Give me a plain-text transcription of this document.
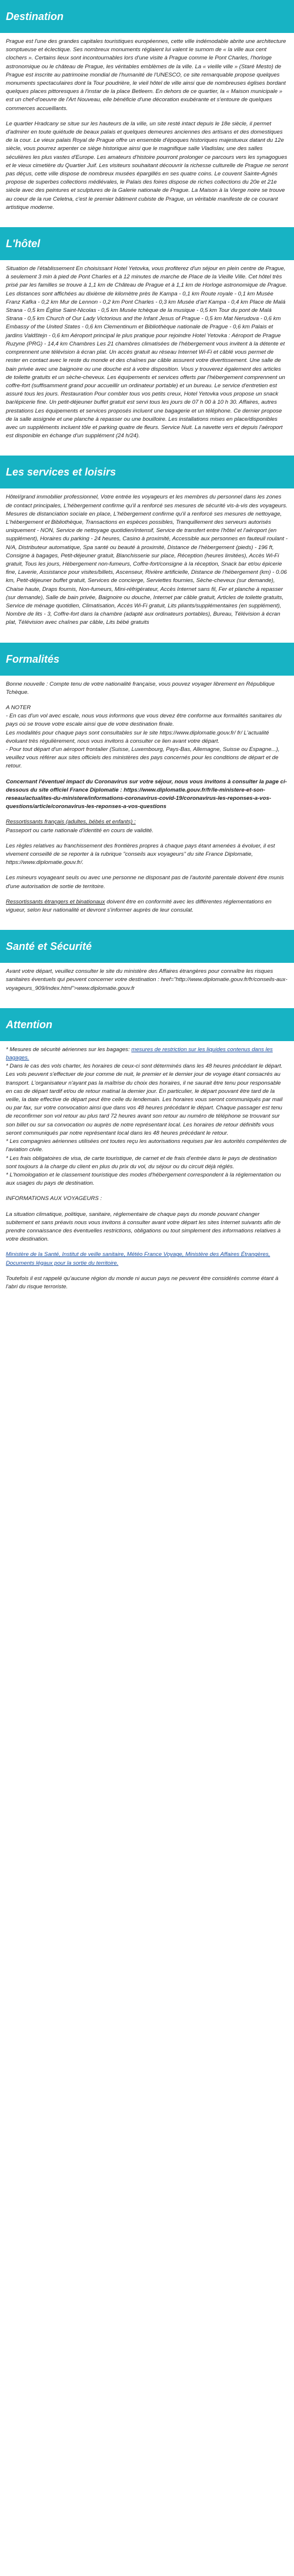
Destination

Prague est l'une des grandes capitales touristiques européennes, cette ville indémodable abrite une architecture somptueuse et éclectique. Ses nombreux monuments réglaient lui valent le surnom de « la ville aux cent clochers ». Certains lieux sont incontournables lors d'une visite à Prague comme le Pont Charles, l'horloge astronomique ou le château de Prague, les véritables emblèmes de la ville. La « vieille ville » (Staré Mesto) de Prague est inscrite au patrimoine mondial de l'humanité de l'UNESCO, ce site remarquable propose quelques monuments spectaculaires dont la Tour poudrière, le vieil hôtel de ville ainsi que de nombreuses églises bordant quelques places pittoresques à l'instar de la place Betleem. En dehors de ce quartier, la « Maison municipale » est un chef-d'oeuvre de l'Art Nouveau, elle bénéficie d'une décoration exubérante et s'entoure de quelques commerces accueillants.

Le quartier Hradcany se situe sur les hauteurs de la ville, un site resté intact depuis le 18e siècle, il permet d'admirer en toute quiétude de beaux palais et quelques demeures anciennes des artisans et des domestiques de la cour. Le vieux palais Royal de Prague offre un ensemble d'époques historiques majestueux datant du 12e siècle, vous pourrez arpenter ce siège historique ainsi que le magnifique salle Vladislav, une des salles séculières les plus vastes d'Europe. Les amateurs d'histoire pourront prolonger ce parcours vers les synagogues et le vieux cimetière du Quartier Juif. Les visiteurs souhaitant découvrir la richesse culturelle de Prague ne seront pas déçus, cette ville dispose de nombreux musées épargillés en ses quatre coins. Le couvent Sainte-Agnès propose de superbes collections médiévales, le Palais des foires dispose de riches collections du 20e et 21e siècle avec des peintures et sculptures de la Galerie nationale de Prague. La Maison à la Vierge noire se trouve au coeur de la rue Celetna, c'est le premier bâtiment cubiste de Prague, un véritable manifeste de ce courant artistique moderne.

L'hôtel

Situation de l'établissement En choisissant Hotel Yetovka, vous profiterez d'un séjour en plein centre de Prague, à seulement 3 min à pied de Pont Charles et à 12 minutes de marche de Place de la Vieille Ville. Cet hôtel très prisé par les familles se trouve à 1,1 km de Château de Prague et à 1,1 km de Horloge astronomique de Prague. Les distances sont affichées au dixième de kilomètre près Ile Kampa - 0,1 km Route royale - 0,1 km Musée Franz Kafka - 0,2 km Mur de Lennon - 0,2 km Pont Charles - 0,3 km Musée d'art Kampa - 0,4 km Place de Malá Strana - 0,5 km Église Saint-Nicolas - 0,5 km Musée tchèque de la musique - 0,5 km Tour du pont de Malá Strana - 0,5 km Church of Our Lady Victorious and the Infant Jesus of Prague - 0,5 km Mat Nerudova - 0,6 km Embassy of the United States - 0,6 km Clementinum et Bibliothèque nationale de Prague - 0,6 km Palais et jardins Valdštejn - 0,6 km Aéroport principal le plus pratique pour rejoindre Hotel Yetovka : Aéroport de Prague Ruzyne (PRG) - 14,4 km Chambres Les 21 chambres climatisées de l'hébergement vous invitent à la détente et comprennent une télévision à écran plat. Un accès gratuit au réseau Internet Wi-Fi et câblé vous permet de rester en contact avec le reste du monde et des chaînes par câble assurent votre divertissement. Une salle de bain privée avec une baignoire ou une douche est à votre disposition. Vous y trouverez également des articles de toilette gratuits et un sèche-cheveux. Les équipements et services offerts par l'hébergement comprennent un coffre-fort (suffisamment grand pour accueillir un ordinateur portable) et un bureau. Le service d'entretien est assuré tous les jours. Restauration Pour combler tous vos petits creux, Hotel Yetovka vous propose un snack bar/épicerie fine. Un petit-déjeuner buffet gratuit est servi tous les jours de 07 h 00 à 10 h 30. Affaires, autres prestations Les équipements et services proposés incluent une bagagerie et un téléphone. Ce dernier propose de la salle assignée et une planche à repasser ou une bouilloire. Les installations mises en place/disponibles avec un suppléments incluent tôle et parking quatre de fleurs. Service Nuit. La navette vers et depuis l'aéroport est disponible en échange d'un supplément (24 h/24).

Les services et loisirs

Hôtel/grand immobilier professionnel, Votre entrée les voyageurs et les membres du personnel dans les zones de contact principales, L'hébergement confirme qu'il a renforcé ses mesures de sécurité vis-à-vis des voyageurs. Mesures de distanciation sociale en place, L'hébergement confirme qu'il a renforcé ses mesures de nettoyage, L'hébergement et Bibliothèque, Transactions en espèces possibles, Tranquillement des serveurs autorisés uniquement - NON, Service de nettoyage quotidien/intensif, Service de transfert entre l'hôtel et l'aéroport (en supplément), Horaires du parking - 24 heures, Casino à proximité, Accessible aux personnes en fauteuil roulant - N/A, Distributeur automatique, Spa santé ou beauté à proximité, Distance de l'hébergement (pieds) - 196 ft, Consigne à bagages, Petit-déjeuner gratuit, Blanchisserie sur place, Réception (heures limitées), Accès Wi-Fi gratuit, Tous les jours, Hébergement non-fumeurs, Coffre-fort/consigne à la réception, Snack bar et/ou épicerie fine, Laverie, Assistance pour visites/billets, Ascenseur, Rivière artificielle, Distance de l'hébergement (km) - 0.06 km, Petit-déjeuner buffet gratuit, Services de concierge, Serviettes fournies, Sèche-cheveux (sur demande), Chaise haute, Draps fournis, Non-fumeurs, Mini-réfrigérateur, Accès Internet sans fil, Fer et planche à repasser (sur demande), Salle de bain privée, Baignoire ou douche, Internet par câble gratuit, Articles de toilette gratuits, Service de ménage quotidien, Climatisation, Accès Wi-Fi gratuit, Lits pliants/supplémentaires (en supplément), Nombre de lits - 3, Coffre-fort dans la chambre (adapté aux ordinateurs portables), Bureau, Télévision à écran plat, Télévision avec chaînes par câble, Lits bébé gratuits

Formalités

Bonne nouvelle : Compte tenu de votre nationalité française, vous pouvez voyager librement en République Tchèque.

A NOTER

- En cas d'un vol avec escale, nous vous informons que vous devez être conforme aux formalités sanitaires du pays où se trouve votre escale ainsi que de votre destination finale.
Les modalités pour chaque pays sont consultables sur le site https://www.diplomatie.gouv.fr/ fr/ L'actualité évoluant très régulièrement, nous vous invitons à consulter ce lien avant votre départ.
- Pour tout départ d'un aéroport frontalier (Suisse, Luxembourg, Pays-Bas, Allemagne, Suisse ou Espagne...), veuillez vous référer aux sites officiels des ministères des pays concernés pour les conditions de départ et de retour.

Concernant l'éventuel impact du Coronavirus sur votre séjour, nous vous invitons à consulter la page ci-dessous du site officiel France Diplomatie : https://www.diplomatie.gouv.fr/fr/le-ministere-et-son-reseau/actualites-du-ministere/informations-coronavirus-covid-19/coronavirus-les-reponses-a-vos-questions/article/coronavirus-les-reponses-a-vos-questions

Ressortissants français (adultes, bébés et enfants) :

Passeport ou carte nationale d'identité en cours de validité.

Les règles relatives au franchissement des frontières propres à chaque pays étant amenées à évoluer, il est vivement conseillé de se reporter à la rubrique "conseils aux voyageurs" du site France Diplomatie, https://www.diplomatie.gouv.fr/.

Les mineurs voyageant seuls ou avec une personne ne disposant pas de l'autorité parentale doivent être munis d'une autorisation de sortie de territoire.

Ressortissants étrangers et binationaux doivent être en conformité avec les différentes réglementations en vigueur, selon leur nationalité et devront s'informer auprès de leur consulat.

Santé et Sécurité

Avant votre départ, veuillez consulter le site du ministère des Affaires étrangères pour connaître les risques sanitaires éventuels qui peuvent concerner votre destination : href="http://www.diplomatie.gouv.fr/fr/conseils-aux-voyageurs_909/index.html">www.diplomatie.gouv.fr

Attention

* Mesures de sécurité aériennes sur les bagages: mesures de restriction sur les liquides contenus dans les bagages.

* Dans le cas des vols charter, les horaires de ceux-ci sont déterminés dans les 48 heures précédant le départ. Les vols peuvent s'effectuer de jour comme de nuit, le premier et le dernier jour de voyage étant consacrés au transport. L'organisateur n'ayant pas la maîtrise du choix des horaires, il ne saurait être tenu pour responsable en cas de départ tardif et/ou de retour matinal la dernier jour. En particulier, le départ pouvant être tard de la veille, la date effective de départ peut être celle du lendemain. Les horaires vous seront communiqués par mail ou par fax, sur votre convocation ainsi que dans vos 48 heures précédant le départ. Chaque passager est tenu de reconfirmer son vol retour au plus tard 72 heures avant son retour au numéro de téléphone se trouvant sur son billet ou sur sa convocation ou auprès de notre représentant local. Les horaires de retour définitifs vous seront communiqués par notre représentant local dans les 48 heures précédant le retour.
* Les compagnies aériennes utilisées ont toutes reçu les autorisations requises par les autorités compétentes de l'aviation civile.
* Les frais obligatoires de visa, de carte touristique, de carnet et de frais d'entrée dans le pays de destination sont toujours à la charge du client en plus du prix du vol, du séjour ou du circuit déjà réglés.
* L'homologation et le classement touristique des modes d'hébergement correspondent à la réglementation ou aux usages du pays de destination.

INFORMATIONS AUX VOYAGEURS :

La situation climatique, politique, sanitaire, réglementaire de chaque pays du monde pouvant changer subitement et sans préavis nous vous invitons à consulter avant votre départ les sites Internet suivants afin de prendre connaissance des éventuelles restrictions, obligations ou tout simplement des informations relatives à votre destination.

Ministère de la Santé, Institut de veille sanitaire, Météo France Voyage, Ministère des Affaires Étrangères, Documents légaux pour la sortie du territoire.

Toutefois il est rappelé qu'aucune région du monde ni aucun pays ne peuvent être considérés comme étant à l'abri du risque terroriste.
